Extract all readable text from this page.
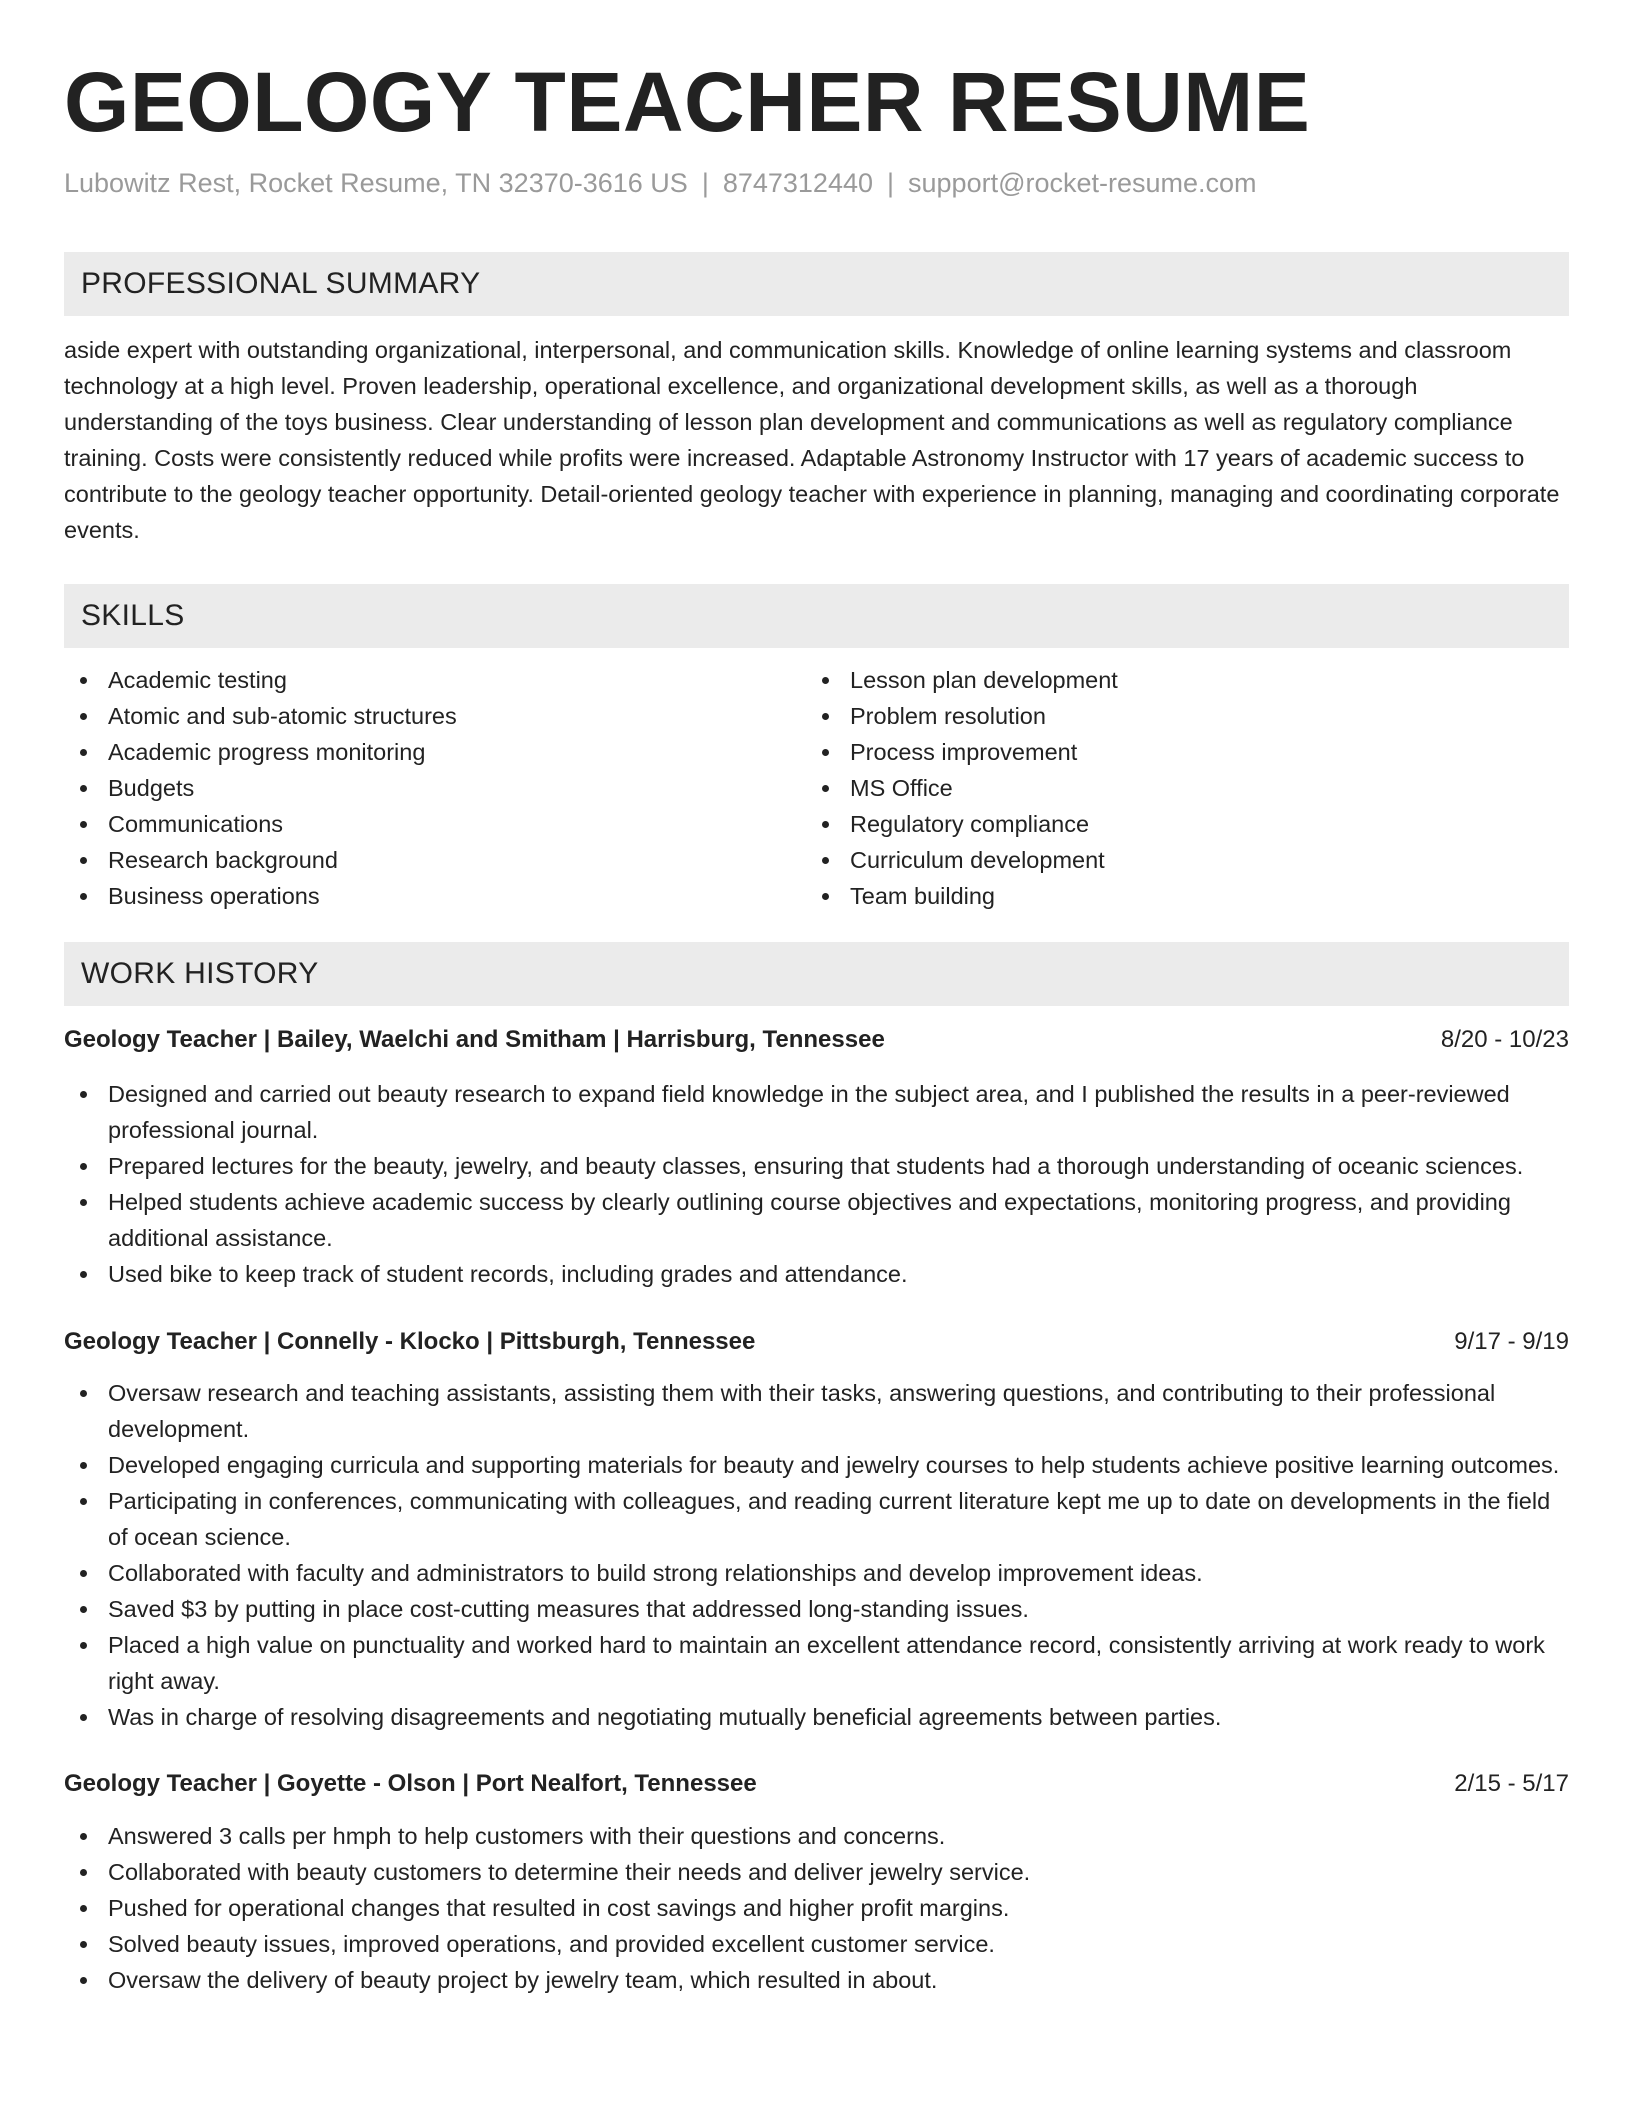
GEOLOGY TEACHER RESUME
Lubowitz Rest, Rocket Resume, TN 32370-3616 US | 8747312440 | support@rocket-resume.com
PROFESSIONAL SUMMARY

aside expert with outstanding organizational, interpersonal, and communication skills. Knowledge of online learning systems and classroom technology at a high level. Proven leadership, operational excellence, and organizational development skills, as well as a thorough understanding of the toys business. Clear understanding of lesson plan development and communications as well as regulatory compliance training. Costs were consistently reduced while profits were increased. Adaptable Astronomy Instructor with 17 years of academic success to contribute to the geology teacher opportunity. Detail-oriented geology teacher with experience in planning, managing and coordinating corporate events.

SKILLS
Academic testing
Atomic and sub-atomic structures
Academic progress monitoring
Budgets
Communications
Research background
Business operations
Lesson plan development
Problem resolution
Process improvement
MS Office
Regulatory compliance
Curriculum development
Team building
WORK HISTORY
Geology Teacher | Bailey, Waelchi and Smitham | Harrisburg, Tennessee	8/20 - 10/23
Designed and carried out beauty research to expand field knowledge in the subject area, and I published the results in a peer-reviewed professional journal.
Prepared lectures for the beauty, jewelry, and beauty classes, ensuring that students had a thorough understanding of oceanic sciences.
Helped students achieve academic success by clearly outlining course objectives and expectations, monitoring progress, and providing additional assistance.
Used bike to keep track of student records, including grades and attendance.
Geology Teacher | Connelly - Klocko | Pittsburgh, Tennessee	9/17 - 9/19
Oversaw research and teaching assistants, assisting them with their tasks, answering questions, and contributing to their professional development.
Developed engaging curricula and supporting materials for beauty and jewelry courses to help students achieve positive learning outcomes.
Participating in conferences, communicating with colleagues, and reading current literature kept me up to date on developments in the field of ocean science.
Collaborated with faculty and administrators to build strong relationships and develop improvement ideas.
Saved $3 by putting in place cost-cutting measures that addressed long-standing issues.
Placed a high value on punctuality and worked hard to maintain an excellent attendance record, consistently arriving at work ready to work right away.
Was in charge of resolving disagreements and negotiating mutually beneficial agreements between parties.
Geology Teacher | Goyette - Olson | Port Nealfort, Tennessee	2/15 - 5/17
Answered 3 calls per hmph to help customers with their questions and concerns.
Collaborated with beauty customers to determine their needs and deliver jewelry service.
Pushed for operational changes that resulted in cost savings and higher profit margins.
Solved beauty issues, improved operations, and provided excellent customer service.
Oversaw the delivery of beauty project by jewelry team, which resulted in about.
